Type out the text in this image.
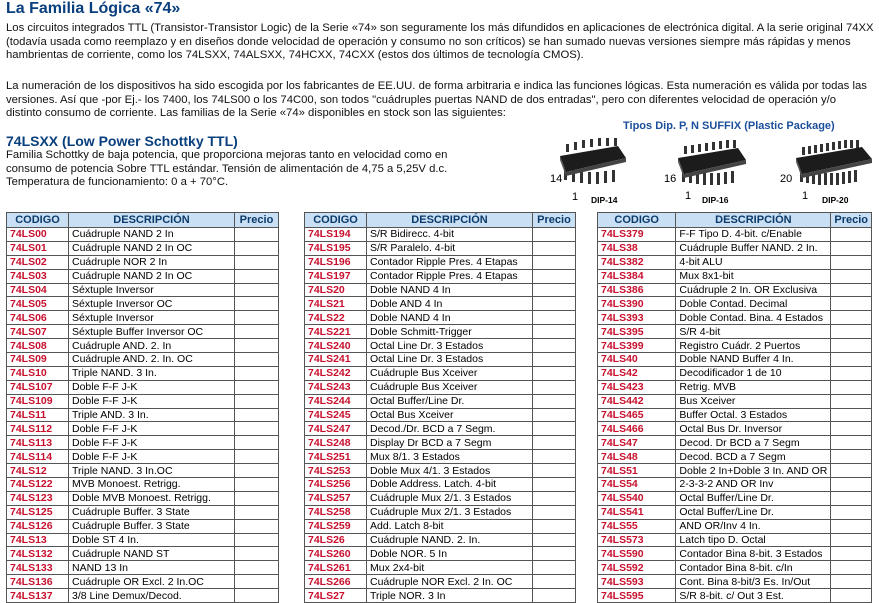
La Familia Lógica «74»
Los circuitos integrados TTL (Transistor-Transistor Logic) de la Serie «74» son seguramente los más difundidos en aplicaciones de electrónica digital. A la serie original 74XX (todavía usada como reemplazo y en diseños donde velocidad de operación y consumo no son críticos) se han sumado nuevas versiones siempre más rápidas y menos hambrientas de corriente, como los 74LSXX, 74ALSXX, 74HCXX, 74CXX (estos dos últimos de tecnología CMOS).
La numeración de los dispositivos ha sido escogida por los fabricantes de EE.UU. de forma arbitraria e indica las funciones lógicas. Esta numeración es válida por todas las versiones. Así que -por Ej.- los 7400, los 74LS00 o los 74C00, son todos "cuádruples puertas NAND de dos entradas", pero con diferentes velocidad de operación y/o distinto consumo de corriente. Las familias de la Serie «74» disponibles en stock son las siguientes:
74LSXX (Low Power Schottky TTL)
Familia Schottky de baja potencia, que proporciona mejoras tanto en velocidad como en
consumo de potencia Sobre TTL estándar. Tensión de alimentación de 4,75 a 5,25V d.c.
Temperatura de funcionamiento: 0 a + 70°C.
Tipos Dip. P, N SUFFIX (Plastic Package)
14
1 DIP-14
16
1 DIP-16
20
1 DIP-20
CODIGO	DESCRIPCIÓN	Precio
74LS00	Cuádruple NAND 2 In	
74LS01	Cuádruple NAND 2 In OC	
74LS02	Cuádruple NOR 2 In	
74LS03	Cuádruple NAND 2 In OC	
74LS04	Séxtuple Inversor	
74LS05	Séxtuple Inversor OC	
74LS06	Séxtuple Inversor	
74LS07	Séxtuple Buffer Inversor OC	
74LS08	Cuádruple AND. 2. In	
74LS09	Cuádruple AND. 2. In. OC	
74LS10	Triple NAND. 3 In.	
74LS107	Doble F-F J-K	
74LS109	Doble F-F J-K	
74LS11	Triple AND. 3 In.	
74LS112	Doble F-F J-K	
74LS113	Doble F-F J-K	
74LS114	Doble F-F J-K	
74LS12	Triple NAND. 3 In.OC	
74LS122	MVB Monoest. Retrigg.	
74LS123	Doble MVB Monoest. Retrigg.	
74LS125	Cuádruple Buffer. 3 State	
74LS126	Cuádruple Buffer. 3 State	
74LS13	Doble ST 4 In.	
74LS132	Cuádruple NAND ST	
74LS133	NAND 13 In	
74LS136	Cuádruple OR Excl. 2 In.OC	
74LS137	3/8 Line Demux/Decod.	
CODIGO	DESCRIPCIÓN	Precio
74LS194	S/R Bidirecc. 4-bit	
74LS195	S/R Paralelo. 4-bit	
74LS196	Contador Ripple Pres. 4 Etapas	
74LS197	Contador Ripple Pres. 4 Etapas	
74LS20	Doble NAND 4 In	
74LS21	Doble AND 4 In	
74LS22	Doble NAND 4 In	
74LS221	Doble Schmitt-Trigger	
74LS240	Octal Line Dr. 3 Estados	
74LS241	Octal Line Dr. 3 Estados	
74LS242	Cuádruple Bus Xceiver	
74LS243	Cuádruple Bus Xceiver	
74LS244	Octal Buffer/Line Dr.	
74LS245	Octal Bus Xceiver	
74LS247	Decod./Dr. BCD a 7 Segm.	
74LS248	Display Dr BCD a 7 Segm	
74LS251	Mux 8/1. 3 Estados	
74LS253	Doble Mux 4/1. 3 Estados	
74LS256	Doble Address. Latch. 4-bit	
74LS257	Cuádruple Mux 2/1. 3 Estados	
74LS258	Cuádruple Mux 2/1. 3 Estados	
74LS259	Add. Latch 8-bit	
74LS26	Cuádruple NAND. 2. In.	
74LS260	Doble NOR. 5 In	
74LS261	Mux 2x4-bit	
74LS266	Cuádruple NOR Excl. 2 In. OC	
74LS27	Triple NOR. 3 In	
CODIGO	DESCRIPCIÓN	Precio
74LS379	F-F Tipo D. 4-bit. c/Enable	
74LS38	Cuádruple Buffer NAND. 2 In.	
74LS382	4-bit ALU	
74LS384	Mux 8x1-bit	
74LS386	Cuádruple 2 In. OR Exclusiva	
74LS390	Doble Contad. Decimal	
74LS393	Doble Contad. Bina. 4 Estados	
74LS395	S/R 4-bit	
74LS399	Registro Cuádr. 2 Puertos	
74LS40	Doble NAND Buffer 4 In.	
74LS42	Decodificador 1 de 10	
74LS423	Retrig. MVB	
74LS442	Bus Xceiver	
74LS465	Buffer Octal. 3 Estados	
74LS466	Octal Bus Dr. Inversor	
74LS47	Decod. Dr BCD a 7 Segm	
74LS48	Decod. BCD a 7 Segm	
74LS51	Doble 2 In+Doble 3 In. AND OR	
74LS54	2-3-3-2 AND OR Inv	
74LS540	Octal Buffer/Line Dr.	
74LS541	Octal Buffer/Line Dr.	
74LS55	AND OR/Inv 4 In.	
74LS573	Latch tipo D. Octal	
74LS590	Contador Bina 8-bit. 3 Estados	
74LS592	Contador Bina 8-bit. c/In	
74LS593	Cont. Bina 8-bit/3 Es. In/Out	
74LS595	S/R 8-bit. c/ Out 3 Est.	
